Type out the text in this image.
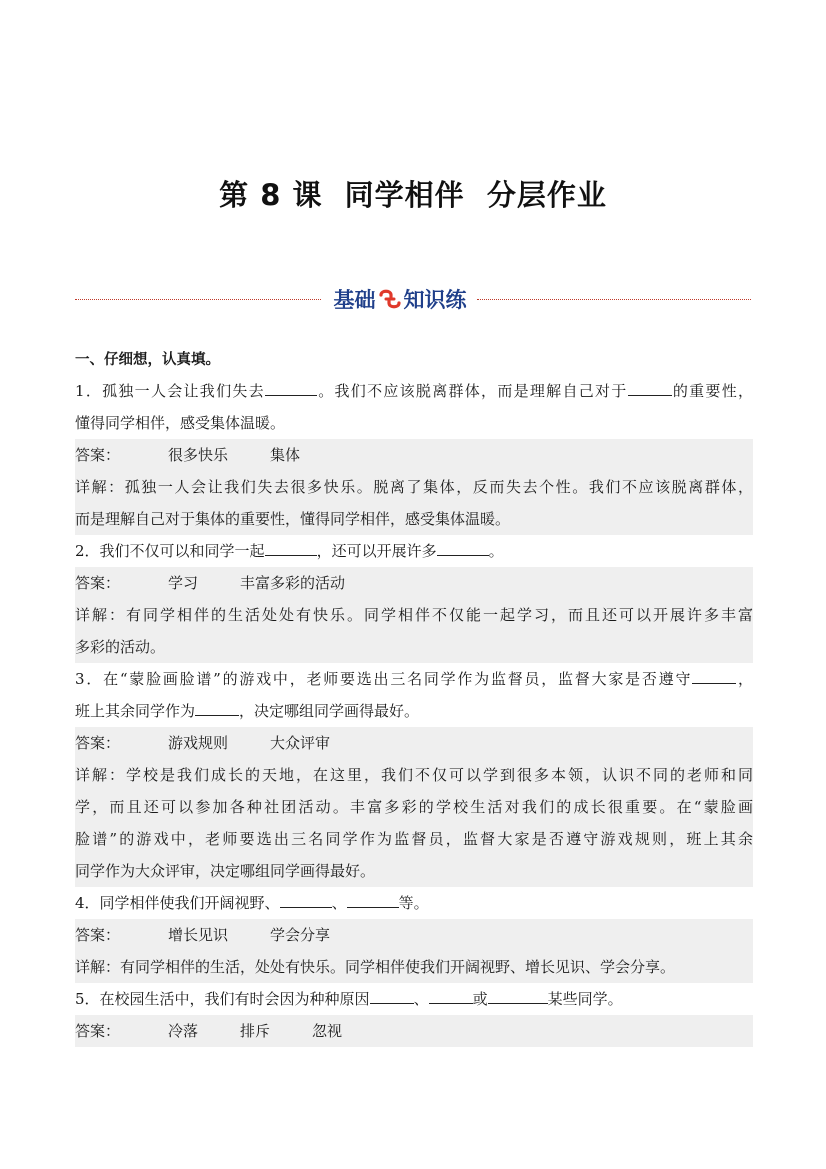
第 8 课  同学相伴  分层作业
基础 知识练
一、仔细想，认真填。
1．孤独一人会让我们失去	。我们不应该脱离群体，而是理解自己对于	的重要性，
懂得同学相伴，感受集体温暖。
答案：	很多快乐	集体
详解：孤独一人会让我们失去很多快乐。脱离了集体，反而失去个性。我们不应该脱离群体，
而是理解自己对于集体的重要性，懂得同学相伴，感受集体温暖。
2．我们不仅可以和同学一起	，还可以开展许多	。
答案：	学习	丰富多彩的活动
详解：有同学相伴的生活处处有快乐。同学相伴不仅能一起学习，而且还可以开展许多丰富
多彩的活动。
3．在“蒙脸画脸谱”的游戏中，老师要选出三名同学作为监督员，监督大家是否遵守	，
班上其余同学作为	，决定哪组同学画得最好。
答案：	游戏规则	大众评审
详解：学校是我们成长的天地，在这里，我们不仅可以学到很多本领，认识不同的老师和同
学，而且还可以参加各种社团活动。丰富多彩的学校生活对我们的成长很重要。在“蒙脸画
脸谱”的游戏中，老师要选出三名同学作为监督员，监督大家是否遵守游戏规则，班上其余
同学作为大众评审，决定哪组同学画得最好。
4．同学相伴使我们开阔视野、	、	等。
答案：	增长见识	学会分享
详解：有同学相伴的生活，处处有快乐。同学相伴使我们开阔视野、增长见识、学会分享。
5．在校园生活中，我们有时会因为种种原因	、	或	某些同学。
答案：	冷落	排斥	忽视
